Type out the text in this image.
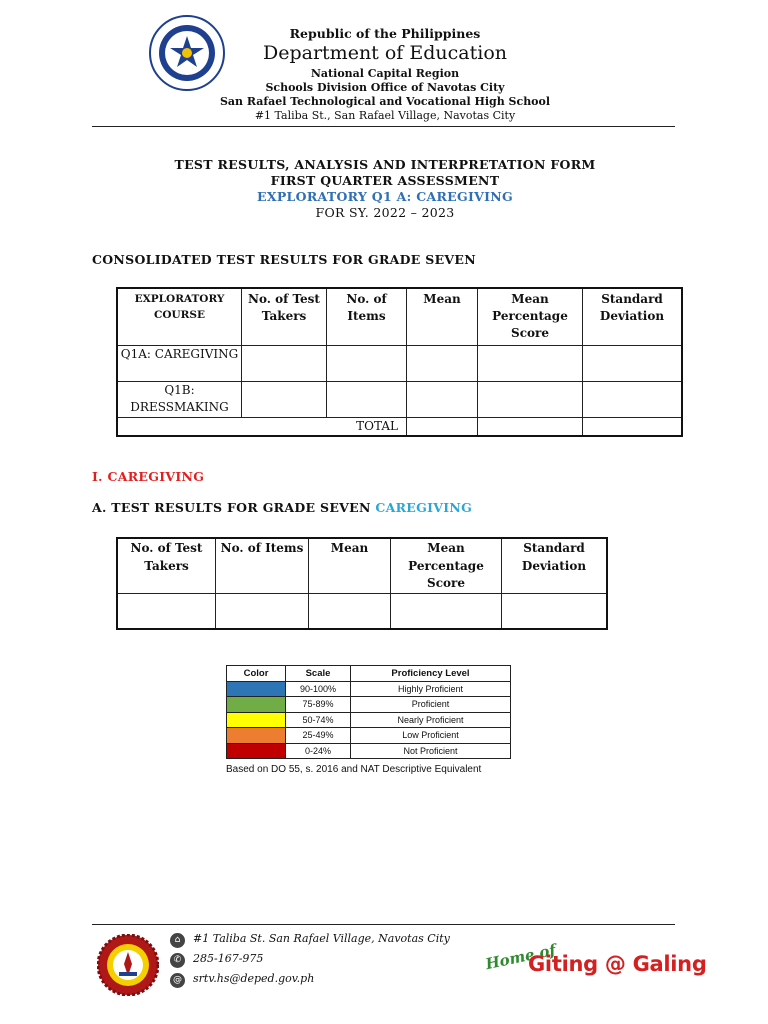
Republic of the Philippines
Department of Education
National Capital Region
Schools Division Office of Navotas City
San Rafael Technological and Vocational High School
#1 Taliba St., San Rafael Village, Navotas City
TEST RESULTS, ANALYSIS AND INTERPRETATION FORM
FIRST QUARTER ASSESSMENT
EXPLORATORY Q1 A: CAREGIVING
FOR SY. 2022 – 2023
CONSOLIDATED TEST RESULTS FOR GRADE SEVEN
EXPLORATORY COURSE	No. of Test Takers	No. of Items	Mean	Mean Percentage Score	Standard Deviation
Q1A: CAREGIVING					
Q1B: DRESSMAKING					
TOTAL					
I. CAREGIVING
A. TEST RESULTS FOR GRADE SEVEN CAREGIVING
No. of Test Takers	No. of Items	Mean	Mean Percentage Score	Standard Deviation

Color	Scale	Proficiency Level
	90-100%	Highly Proficient
	75-89%	Proficient
	50-74%	Nearly Proficient
	25-49%	Low Proficient
	0-24%	Not Proficient
Based on DO 55, s. 2016 and NAT Descriptive Equivalent
⌂
✆
@
#1 Taliba St. San Rafael Village, Navotas City
285-167-975
srtv.hs@deped.gov.ph
Home of
Giting @ Galing
